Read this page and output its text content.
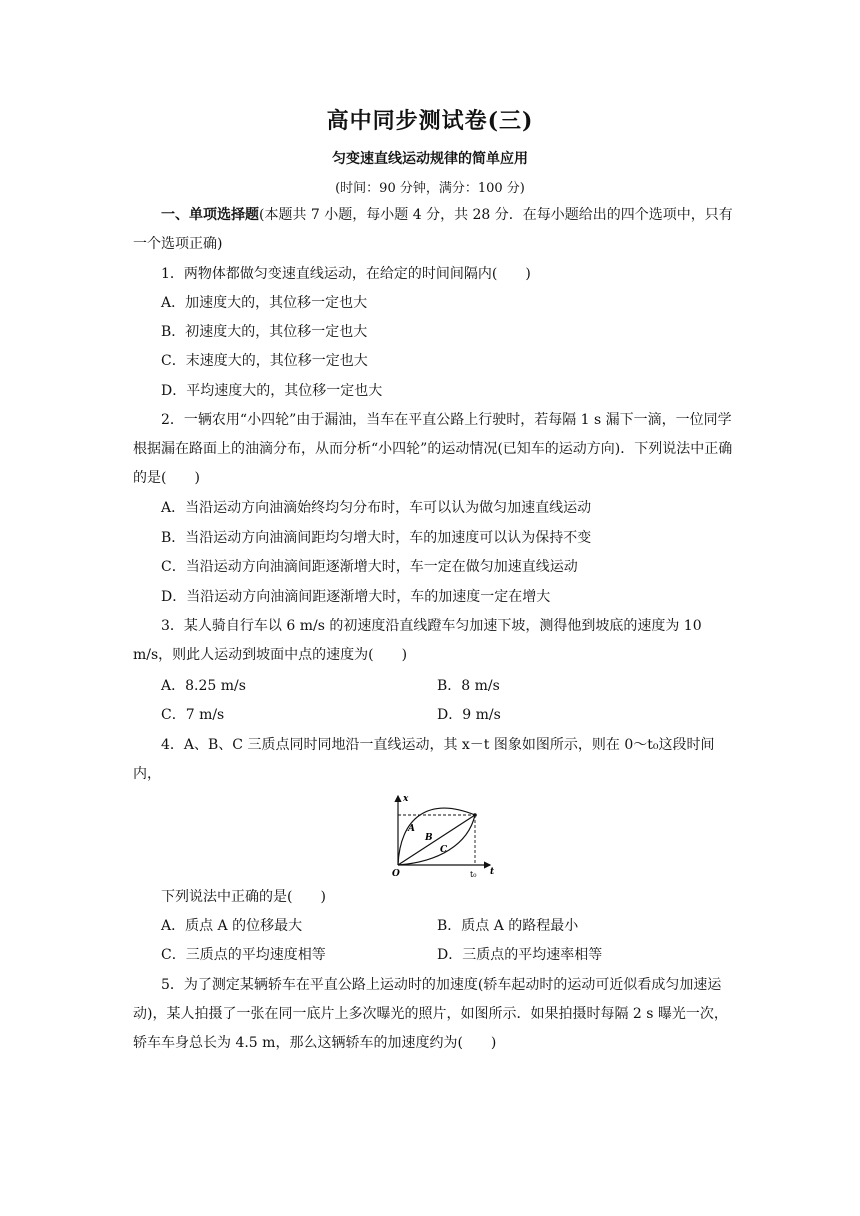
高中同步测试卷(三)
匀变速直线运动规律的简单应用
(时间：90 分钟，满分：100 分)
一、单项选择题(本题共 7 小题，每小题 4 分，共 28 分．在每小题给出的四个选项中，只有一个选项正确)
1．两物体都做匀变速直线运动，在给定的时间间隔内(　　)
A．加速度大的，其位移一定也大
B．初速度大的，其位移一定也大
C．末速度大的，其位移一定也大
D．平均速度大的，其位移一定也大
2．一辆农用“小四轮”由于漏油，当车在平直公路上行驶时，若每隔 1 s 漏下一滴，一位同学根据漏在路面上的油滴分布，从而分析“小四轮”的运动情况(已知车的运动方向)．下列说法中正确的是(　　)
A．当沿运动方向油滴始终均匀分布时，车可以认为做匀加速直线运动
B．当沿运动方向油滴间距均匀增大时，车的加速度可以认为保持不变
C．当沿运动方向油滴间距逐渐增大时，车一定在做匀加速直线运动
D．当沿运动方向油滴间距逐渐增大时，车的加速度一定在增大
3．某人骑自行车以 6 m/s 的初速度沿直线蹬车匀加速下坡，测得他到坡底的速度为 10 m/s，则此人运动到坡面中点的速度为(　　)
A．8.25 m/s	B．8 m/s
C．7 m/s	D．9 m/s
4．A、B、C 三质点同时同地沿一直线运动，其 x－t 图象如图所示，则在 0～t₀这段时间内，
x
t
O	t₀
A
B
C
下列说法中正确的是(　　)
A．质点 A 的位移最大	B．质点 A 的路程最小
C．三质点的平均速度相等	D．三质点的平均速率相等
5．为了测定某辆轿车在平直公路上运动时的加速度(轿车起动时的运动可近似看成匀加速运动)，某人拍摄了一张在同一底片上多次曝光的照片，如图所示．如果拍摄时每隔 2 s 曝光一次，轿车车身总长为 4.5 m，那么这辆轿车的加速度约为(　　)
